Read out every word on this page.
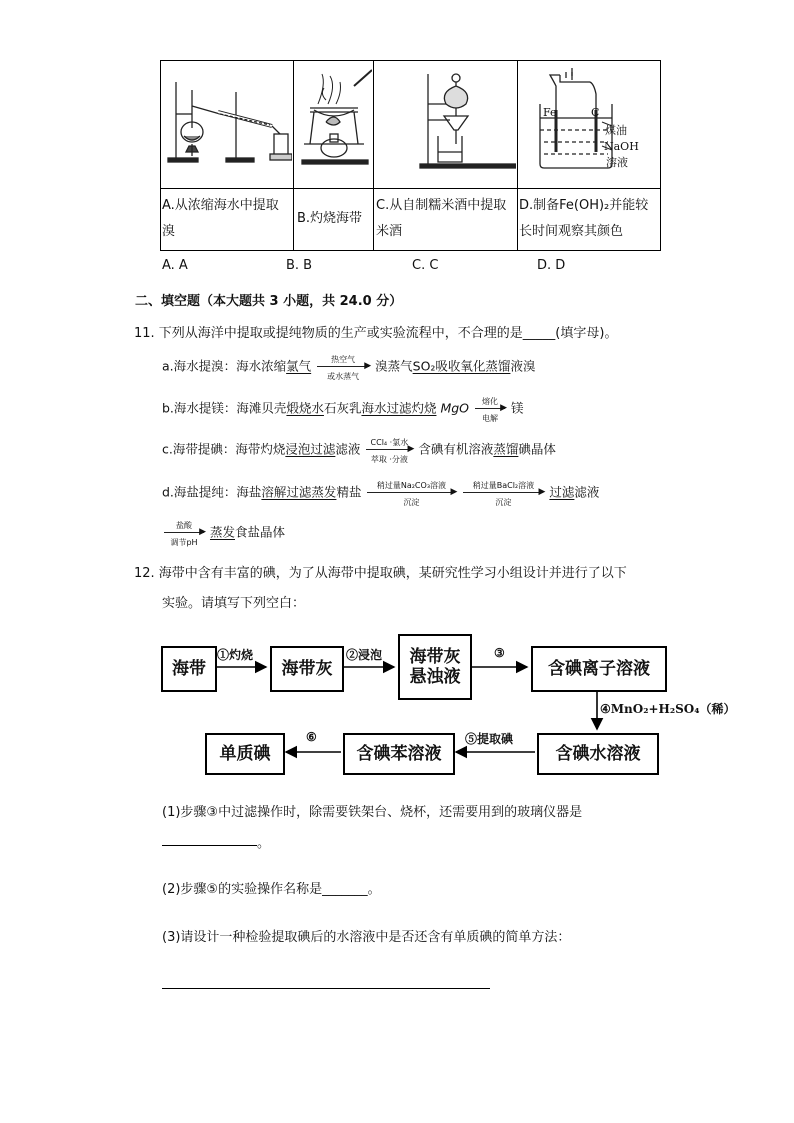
Fe	C
煤油
NaOH
溶液
A.从浓缩海水中提取
溴
B.灼烧海带
C.从自制糯米酒中提取
米酒
D.制备Fe(OH)₂并能较
长时间观察其颜色
A. A	B. B	C. C	D. D
二、填空题（本大题共 3 小题，共 24.0 分）
11. 下列从海洋中提取或提纯物质的生产或实验流程中，不合理的是_____(填字母)。
a.海水提溴：海水浓缩氯气	热空气
▶
或水蒸气
溴蒸气SO₂吸收氧化蒸馏液溴
b.海水提镁：海滩贝壳煅烧水石灰乳海水过滤灼烧 MgO	熔化
▶
电解
镁
c.海带提碘：海带灼烧浸泡过滤滤液	CCl₄ ·氯水
▶
萃取 ·分液
含碘有机溶液蒸馏碘晶体
d.海盐提纯：海盐溶解过滤蒸发精盐	稍过量Na₂CO₃溶液
▶
沉淀

稍过量BaCl₂溶液
▶
沉淀
过滤滤液
盐酸
▶
调节pH
蒸发食盐晶体
12. 海带中含有丰富的碘，为了从海带中提取碘，某研究性学习小组设计并进行了以下
实验。请填写下列空白：
海带	海带灰
海带灰
悬浊液	含碘离子溶液
含碘水溶液
含碘苯溶液
单质碘
①灼烧	②浸泡	③
④MnO₂+H₂SO₄（稀）
⑤提取碘
⑥
(1)步骤③中过滤操作时，除需要铁架台、烧杯，还需要用到的玻璃仪器是
。
(2)步骤⑤的实验操作名称是_______。
(3)请设计一种检验提取碘后的水溶液中是否还含有单质碘的简单方法：
